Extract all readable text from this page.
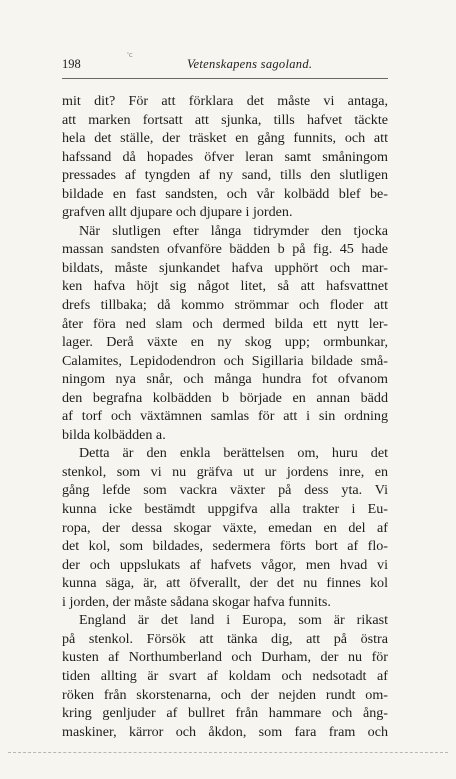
'c
198	Vetenskapens sagoland.
mit dit? För att förklara det måste vi antaga,
att marken fortsatt att sjunka, tills hafvet täckte
hela det ställe, der träsket en gång funnits, och att
hafssand då hopades öfver leran samt småningom
pressades af tyngden af ny sand, tills den slutligen
bildade en fast sandsten, och vår kolbädd blef be-
grafven allt djupare och djupare i jorden.
När slutligen efter långa tidrymder den tjocka
massan sandsten ofvanföre bädden b på fig. 45 hade
bildats, måste sjunkandet hafva upphört och mar-
ken hafva höjt sig något litet, så att hafsvattnet
drefs tillbaka; då kommo strömmar och floder att
åter föra ned slam och dermed bilda ett nytt ler-
lager. Derå växte en ny skog upp; ormbunkar,
Calamites, Lepidodendron och Sigillaria bildade små-
ningom nya snår, och många hundra fot ofvanom
den begrafna kolbädden b började en annan bädd
af torf och växtämnen samlas för att i sin ordning
bilda kolbädden a.
Detta är den enkla berättelsen om, huru det
stenkol, som vi nu gräfva ut ur jordens inre, en
gång lefde som vackra växter på dess yta. Vi
kunna icke bestämdt uppgifva alla trakter i Eu-
ropa, der dessa skogar växte, emedan en del af
det kol, som bildades, sedermera förts bort af flo-
der och uppslukats af hafvets vågor, men hvad vi
kunna säga, är, att öfverallt, der det nu finnes kol
i jorden, der måste sådana skogar hafva funnits.
England är det land i Europa, som är rikast
på stenkol. Försök att tänka dig, att på östra
kusten af Northumberland och Durham, der nu för
tiden allting är svart af koldam och nedsotadt af
röken från skorstenarna, och der nejden rundt om-
kring genljuder af bullret från hammare och ång-
maskiner, kärror och åkdon, som fara fram och
